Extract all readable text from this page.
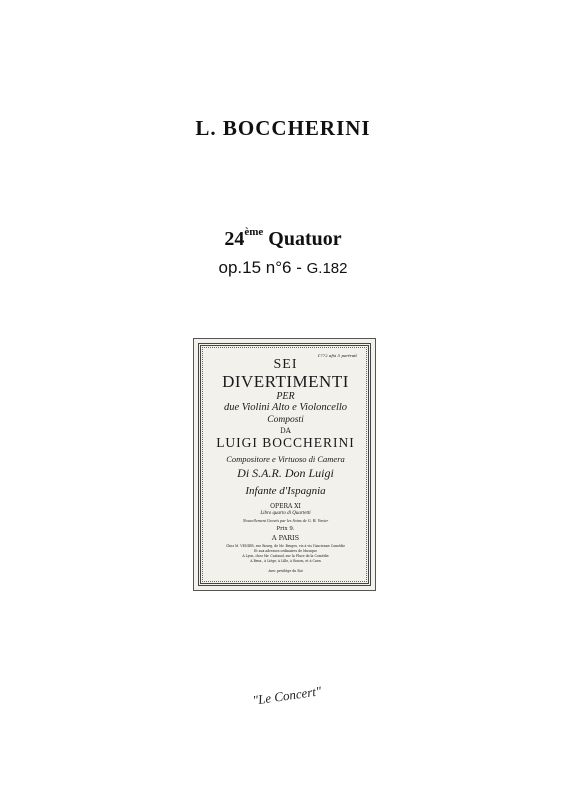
L. BOCCHERINI
24ème Quatuor
op.15 n°6 - G.182
1772 afsi 5 portrait
SEI
DIVERTIMENTI
PER
due Violini Alto e Violoncello
Composti
DA
LUIGI BOCCHERINI
Compositore e Virtuoso di Camera
Di S.A.R. Don Luigi
Infante d'Ispagnia
OPERA XI
Libro quarto di Quartetti
Nouvellement Gravés par les Soins de G. B. Venier
Prix 9.
A PARIS
Chez M. VENIER, rue Bourg, de Mr. Bruges, vis à vis l'Ancienne Comédie
Et aux adresses ordinaires de Musique
A Lyon, chez Mr. Castaud, sur la Place de la Comédie
A Brux., à Liège, à Lille, à Rouen, et à Caen
Avec privilège du Roi
"Le Concert"
